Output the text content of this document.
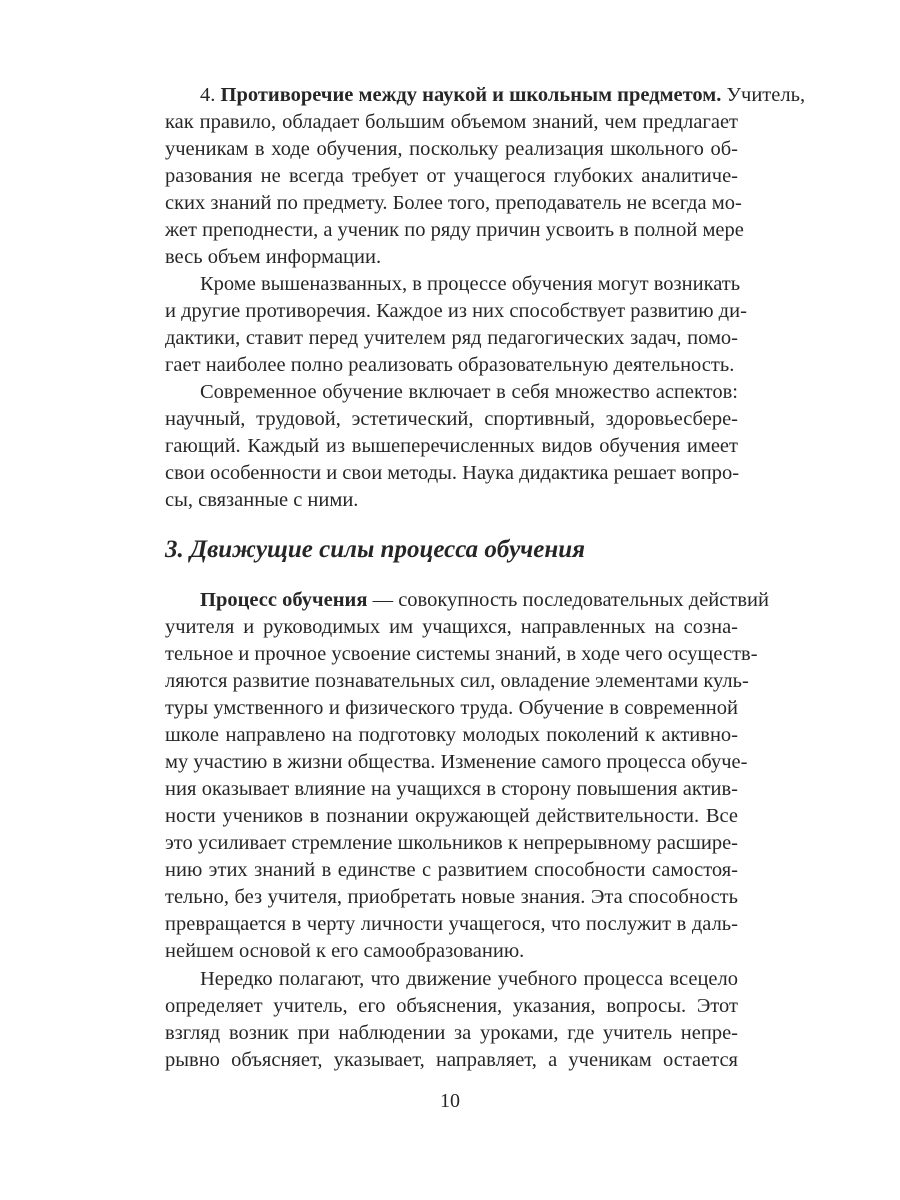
4. Противоречие между наукой и школьным предметом. Учитель,
как правило, обладает большим объемом знаний, чем предлагает
ученикам в ходе обучения, поскольку реализация школьного об-
разования не всегда требует от учащегося глубоких аналитиче-
ских знаний по предмету. Более того, преподаватель не всегда мо-
жет преподнести, а ученик по ряду причин усвоить в полной мере
весь объем информации.
Кроме вышеназванных, в процессе обучения могут возникать
и другие противоречия. Каждое из них способствует развитию ди-
дактики, ставит перед учителем ряд педагогических задач, помо-
гает наиболее полно реализовать образовательную деятельность.
Современное обучение включает в себя множество аспектов:
научный, трудовой, эстетический, спортивный, здоровьесбере-
гающий. Каждый из вышеперечисленных видов обучения имеет
свои особенности и свои методы. Наука дидактика решает вопро-
сы, связанные с ними.
3. Движущие силы процесса обучения
Процесс обучения — совокупность последовательных действий
учителя и руководимых им учащихся, направленных на созна-
тельное и прочное усвоение системы знаний, в ходе чего осуществ-
ляются развитие познавательных сил, овладение элементами куль-
туры умственного и физического труда. Обучение в современной
школе направлено на подготовку молодых поколений к активно-
му участию в жизни общества. Изменение самого процесса обуче-
ния оказывает влияние на учащихся в сторону повышения актив-
ности учеников в познании окружающей действительности. Все
это усиливает стремление школьников к непрерывному расшире-
нию этих знаний в единстве с развитием способности самостоя-
тельно, без учителя, приобретать новые знания. Эта способность
превращается в черту личности учащегося, что послужит в даль-
нейшем основой к его самообразованию.
Нередко полагают, что движение учебного процесса всецело
определяет учитель, его объяснения, указания, вопросы. Этот
взгляд возник при наблюдении за уроками, где учитель непре-
рывно объясняет, указывает, направляет, а ученикам остается
10
